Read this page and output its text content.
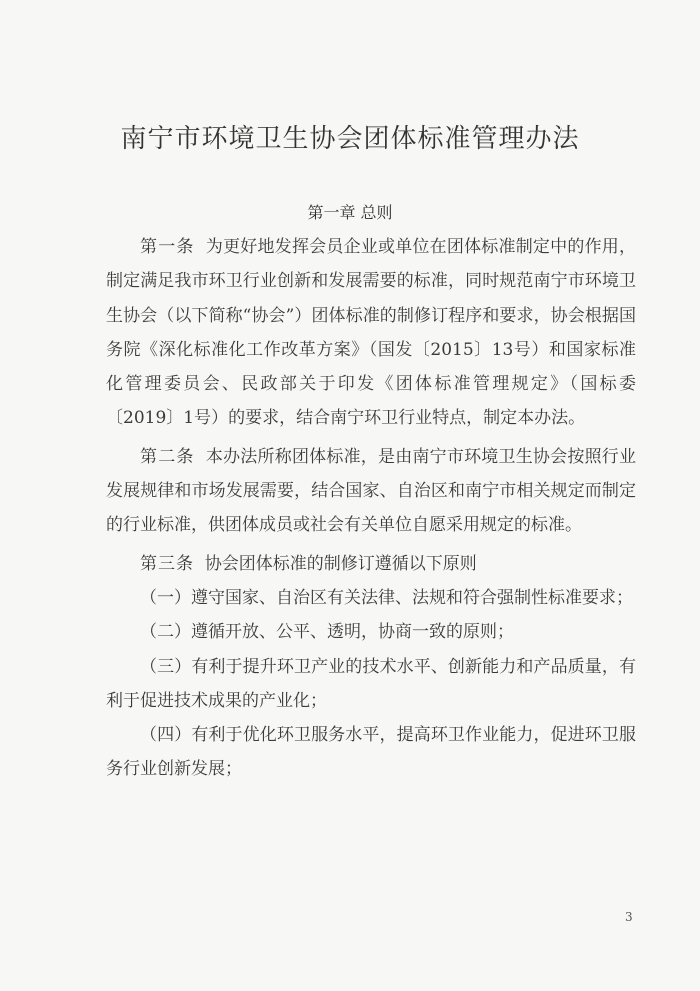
南宁市环境卫生协会团体标准管理办法
第一章 总则

第一条 为更好地发挥会员企业或单位在团体标准制定中的作用，制定满足我市环卫行业创新和发展需要的标准，同时规范南宁市环境卫生协会（以下简称“协会”）团体标准的制修订程序和要求，协会根据国务院《深化标准化工作改革方案》（国发〔2015〕13号）和国家标准化管理委员会、民政部关于印发《团体标准管理规定》（国标委〔2019〕1号）的要求，结合南宁环卫行业特点，制定本办法。

第二条 本办法所称团体标准，是由南宁市环境卫生协会按照行业发展规律和市场发展需要，结合国家、自治区和南宁市相关规定而制定的行业标准，供团体成员或社会有关单位自愿采用规定的标准。

第三条 协会团体标准的制修订遵循以下原则

（一）遵守国家、自治区有关法律、法规和符合强制性标准要求；

（二）遵循开放、公平、透明，协商一致的原则；

（三）有利于提升环卫产业的技术水平、创新能力和产品质量，有利于促进技术成果的产业化；

（四）有利于优化环卫服务水平，提高环卫作业能力，促进环卫服务行业创新发展；

3
